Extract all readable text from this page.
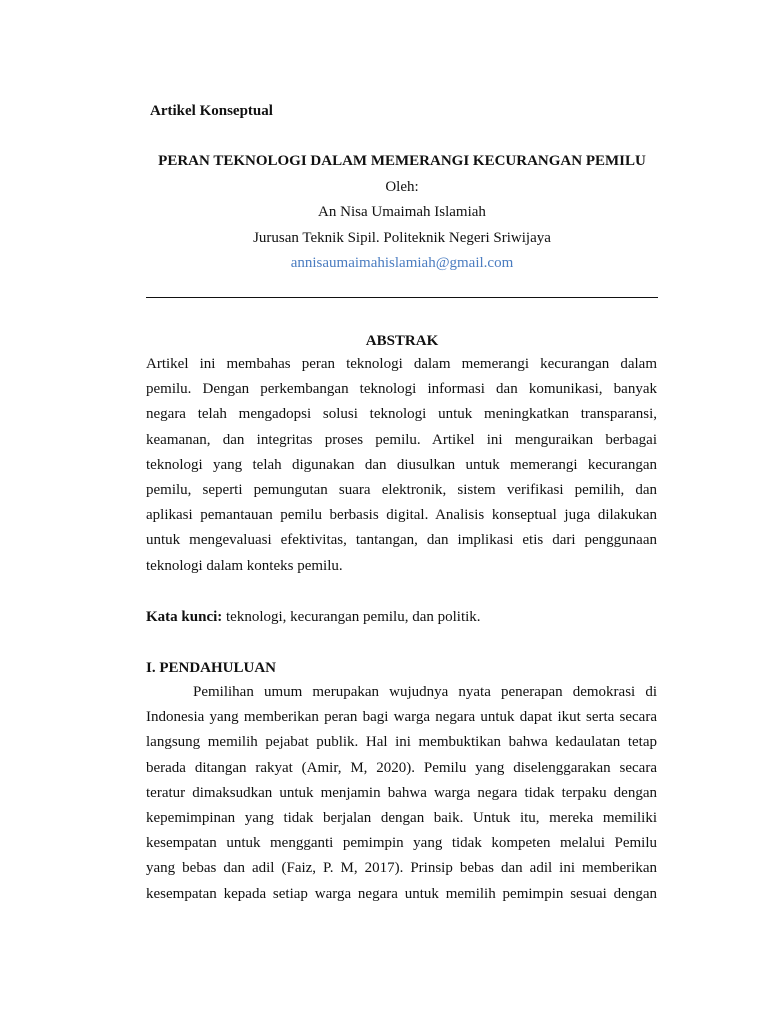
Artikel Konseptual
PERAN TEKNOLOGI DALAM MEMERANGI KECURANGAN PEMILU
Oleh:
An Nisa Umaimah Islamiah
Jurusan Teknik Sipil. Politeknik Negeri Sriwijaya
annisaumaimahislamiah@gmail.com
ABSTRAK
Artikel ini membahas peran teknologi dalam memerangi kecurangan dalam
pemilu. Dengan perkembangan teknologi informasi dan komunikasi, banyak
negara telah mengadopsi solusi teknologi untuk meningkatkan transparansi,
keamanan, dan integritas proses pemilu. Artikel ini menguraikan berbagai
teknologi yang telah digunakan dan diusulkan untuk memerangi kecurangan
pemilu, seperti pemungutan suara elektronik, sistem verifikasi pemilih, dan
aplikasi pemantauan pemilu berbasis digital. Analisis konseptual juga dilakukan
untuk mengevaluasi efektivitas, tantangan, dan implikasi etis dari penggunaan
teknologi dalam konteks pemilu.
Kata kunci: teknologi, kecurangan pemilu, dan politik.
I. PENDAHULUAN
Pemilihan umum merupakan wujudnya nyata penerapan demokrasi di
Indonesia yang memberikan peran bagi warga negara untuk dapat ikut serta secara
langsung memilih pejabat publik. Hal ini membuktikan bahwa kedaulatan tetap
berada ditangan rakyat (Amir, M, 2020). Pemilu yang diselenggarakan secara
teratur dimaksudkan untuk menjamin bahwa warga negara tidak terpaku dengan
kepemimpinan yang tidak berjalan dengan baik. Untuk itu, mereka memiliki
kesempatan untuk mengganti pemimpin yang tidak kompeten melalui Pemilu
yang bebas dan adil (Faiz, P. M, 2017). Prinsip bebas dan adil ini memberikan
kesempatan kepada setiap warga negara untuk memilih pemimpin sesuai dengan
